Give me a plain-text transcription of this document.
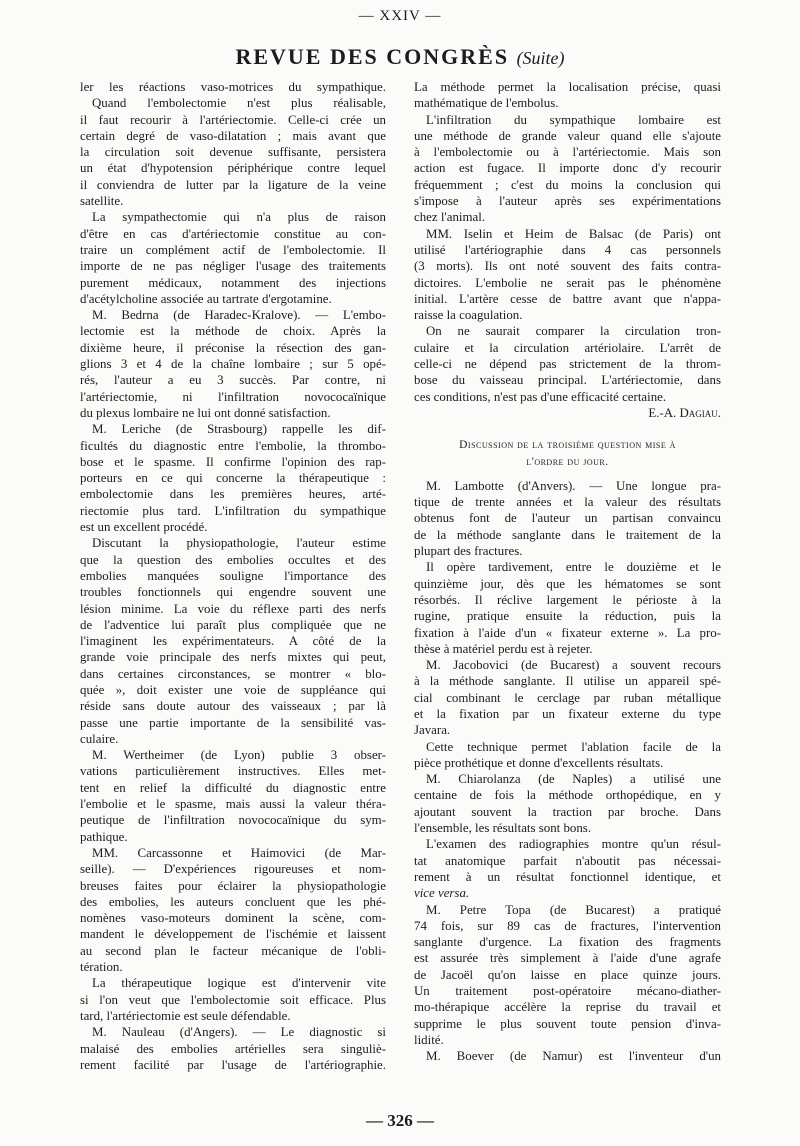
— XXIV —
REVUE DES CONGRÈS (Suite)
ler les réactions vaso-motrices du sympathique.
Quand l'embolectomie n'est plus réalisable,
il faut recourir à l'artériectomie. Celle-ci crée un
certain degré de vaso-dilatation ; mais avant que
la circulation soit devenue suffisante, persistera
un état d'hypotension périphérique contre lequel
il conviendra de lutter par la ligature de la veine
satellite.
La sympathectomie qui n'a plus de raison
d'être en cas d'artériectomie constitue au con-
traire un complément actif de l'embolectomie. Il
importe de ne pas négliger l'usage des traitements
purement médicaux, notamment des injections
d'acétylcholine associée au tartrate d'ergotamine.
M. Bedrna (de Haradec-Kralove). — L'embo-
lectomie est la méthode de choix. Après la
dixième heure, il préconise la résection des gan-
glions 3 et 4 de la chaîne lombaire ; sur 5 opé-
rés, l'auteur a eu 3 succès. Par contre, ni
l'artériectomie, ni l'infiltration novococaïnique
du plexus lombaire ne lui ont donné satisfaction.
M. Leriche (de Strasbourg) rappelle les dif-
ficultés du diagnostic entre l'embolie, la thrombo-
bose et le spasme. Il confirme l'opinion des rap-
porteurs en ce qui concerne la thérapeutique :
embolectomie dans les premières heures, arté-
riectomie plus tard. L'infiltration du sympathique
est un excellent procédé.
Discutant la physiopathologie, l'auteur estime
que la question des embolies occultes et des
embolies manquées souligne l'importance des
troubles fonctionnels qui engendre souvent une
lésion minime. La voie du réflexe parti des nerfs
de l'adventice lui paraît plus compliquée que ne
l'imaginent les expérimentateurs. A côté de la
grande voie principale des nerfs mixtes qui peut,
dans certaines circonstances, se montrer « blo-
quée », doit exister une voie de suppléance qui
réside sans doute autour des vaisseaux ; par là
passe une partie importante de la sensibilité vas-
culaire.
M. Wertheimer (de Lyon) publie 3 obser-
vations particulièrement instructives. Elles met-
tent en relief la difficulté du diagnostic entre
l'embolie et le spasme, mais aussi la valeur théra-
peutique de l'infiltration novococaïnique du sym-
pathique.
MM. Carcassonne et Haimovici (de Mar-
seille). — D'expériences rigoureuses et nom-
breuses faites pour éclairer la physiopathologie
des embolies, les auteurs concluent que les phé-
nomènes vaso-moteurs dominent la scène, com-
mandent le développement de l'ischémie et laissent
au second plan le facteur mécanique de l'obli-
tération.
La thérapeutique logique est d'intervenir vite
si l'on veut que l'embolectomie soit efficace. Plus
tard, l'artériectomie est seule défendable.
M. Nauleau (d'Angers). — Le diagnostic si
malaisé des embolies artérielles sera singuliè-
rement facilité par l'usage de l'artériographie.
La méthode permet la localisation précise, quasi
mathématique de l'embolus.
L'infiltration du sympathique lombaire est
une méthode de grande valeur quand elle s'ajoute
à l'embolectomie ou à l'artériectomie. Mais son
action est fugace. Il importe donc d'y recourir
fréquemment ; c'est du moins la conclusion qui
s'impose à l'auteur après ses expérimentations
chez l'animal.
MM. Iselin et Heim de Balsac (de Paris) ont
utilisé l'artériographie dans 4 cas personnels
(3 morts). Ils ont noté souvent des faits contra-
dictoires. L'embolie ne serait pas le phénomène
initial. L'artère cesse de battre avant que n'appa-
raisse la coagulation.
On ne saurait comparer la circulation tron-
culaire et la circulation artériolaire. L'arrêt de
celle-ci ne dépend pas strictement de la throm-
bose du vaisseau principal. L'artériectomie, dans
ces conditions, n'est pas d'une efficacité certaine.
E.-A. Dagiau.
Discussion de la troisième question mise à
l'ordre du jour.
M. Lambotte (d'Anvers). — Une longue pra-
tique de trente années et la valeur des résultats
obtenus font de l'auteur un partisan convaincu
de la méthode sanglante dans le traitement de la
plupart des fractures.
Il opère tardivement, entre le douzième et le
quinzième jour, dès que les hématomes se sont
résorbés. Il réclive largement le périoste à la
rugine, pratique ensuite la réduction, puis la
fixation à l'aide d'un « fixateur externe ». La pro-
thèse à matériel perdu est à rejeter.
M. Jacobovici (de Bucarest) a souvent recours
à la méthode sanglante. Il utilise un appareil spé-
cial combinant le cerclage par ruban métallique
et la fixation par un fixateur externe du type
Javara.
Cette technique permet l'ablation facile de la
pièce prothétique et donne d'excellents résultats.
M. Chiarolanza (de Naples) a utilisé une
centaine de fois la méthode orthopédique, en y
ajoutant souvent la traction par broche. Dans
l'ensemble, les résultats sont bons.
L'examen des radiographies montre qu'un résul-
tat anatomique parfait n'aboutit pas nécessai-
rement à un résultat fonctionnel identique, et
vice versa.
M. Petre Topa (de Bucarest) a pratiqué
74 fois, sur 89 cas de fractures, l'intervention
sanglante d'urgence. La fixation des fragments
est assurée très simplement à l'aide d'une agrafe
de Jacoël qu'on laisse en place quinze jours.
Un traitement post-opératoire mécano-diather-
mo-thérapique accélère la reprise du travail et
supprime le plus souvent toute pension d'inva-
lidité.
M. Boever (de Namur) est l'inventeur d'un
— 326 —
